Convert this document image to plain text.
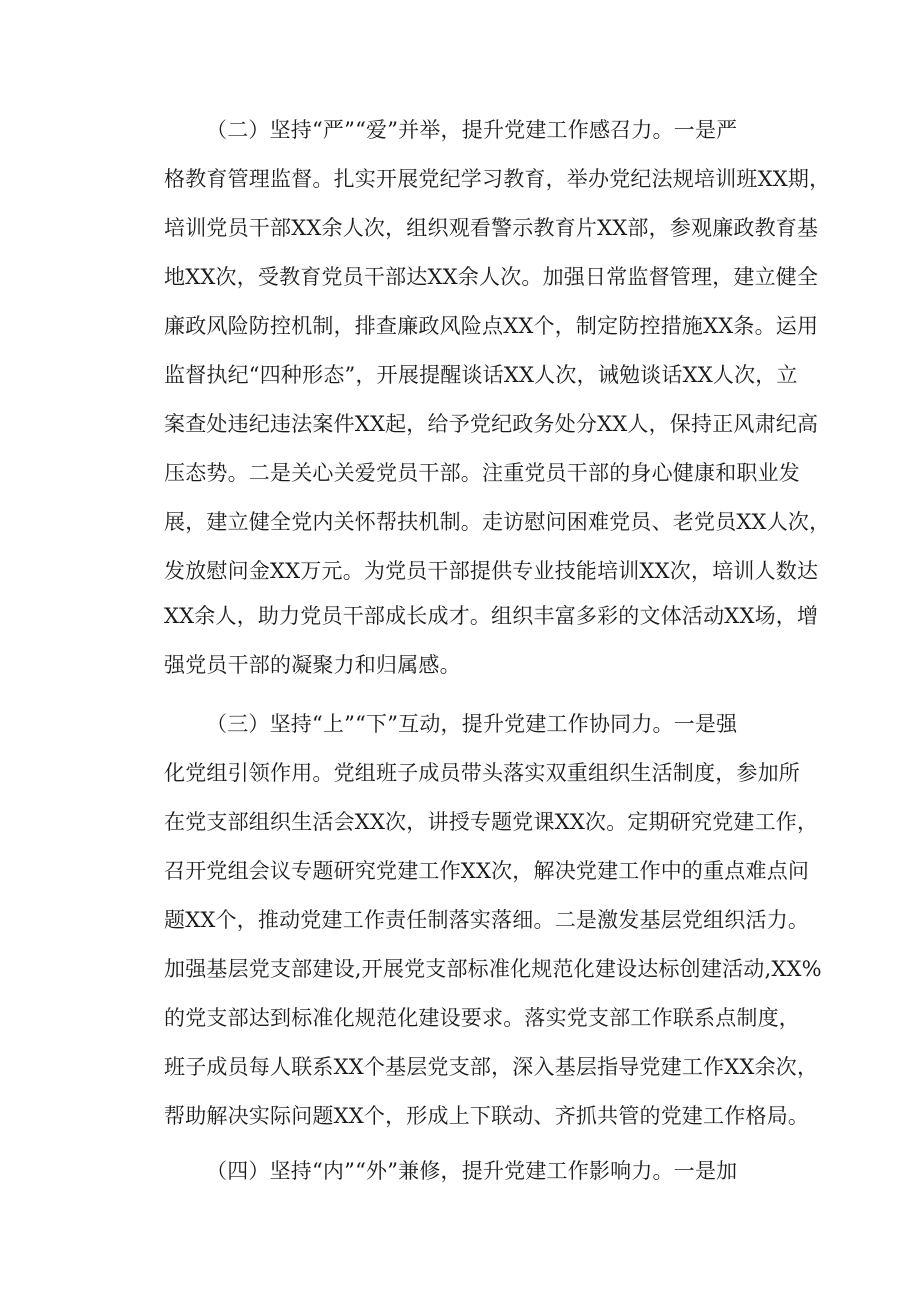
（二）坚持“严”“爱”并举，提升党建工作感召力。一是严
格教育管理监督。扎实开展党纪学习教育，举办党纪法规培训班XX期，
培训党员干部XX余人次，组织观看警示教育片XX部，参观廉政教育基
地XX次，受教育党员干部达XX余人次。加强日常监督管理，建立健全
廉政风险防控机制，排查廉政风险点XX个，制定防控措施XX条。运用
监督执纪“四种形态”，开展提醒谈话XX人次，诫勉谈话XX人次，立
案查处违纪违法案件XX起，给予党纪政务处分XX人，保持正风肃纪高
压态势。二是关心关爱党员干部。注重党员干部的身心健康和职业发
展，建立健全党内关怀帮扶机制。走访慰问困难党员、老党员XX人次，
发放慰问金XX万元。为党员干部提供专业技能培训XX次，培训人数达
XX余人，助力党员干部成长成才。组织丰富多彩的文体活动XX场，增
强党员干部的凝聚力和归属感。
（三）坚持“上”“下”互动，提升党建工作协同力。一是强
化党组引领作用。党组班子成员带头落实双重组织生活制度，参加所
在党支部组织生活会XX次，讲授专题党课XX次。定期研究党建工作，
召开党组会议专题研究党建工作XX次，解决党建工作中的重点难点问
题XX个，推动党建工作责任制落实落细。二是激发基层党组织活力。
加强基层党支部建设,开展党支部标准化规范化建设达标创建活动,XX%
的党支部达到标准化规范化建设要求。落实党支部工作联系点制度，
班子成员每人联系XX个基层党支部，深入基层指导党建工作XX余次，
帮助解决实际问题XX个，形成上下联动、齐抓共管的党建工作格局。
（四）坚持“内”“外”兼修，提升党建工作影响力。一是加
